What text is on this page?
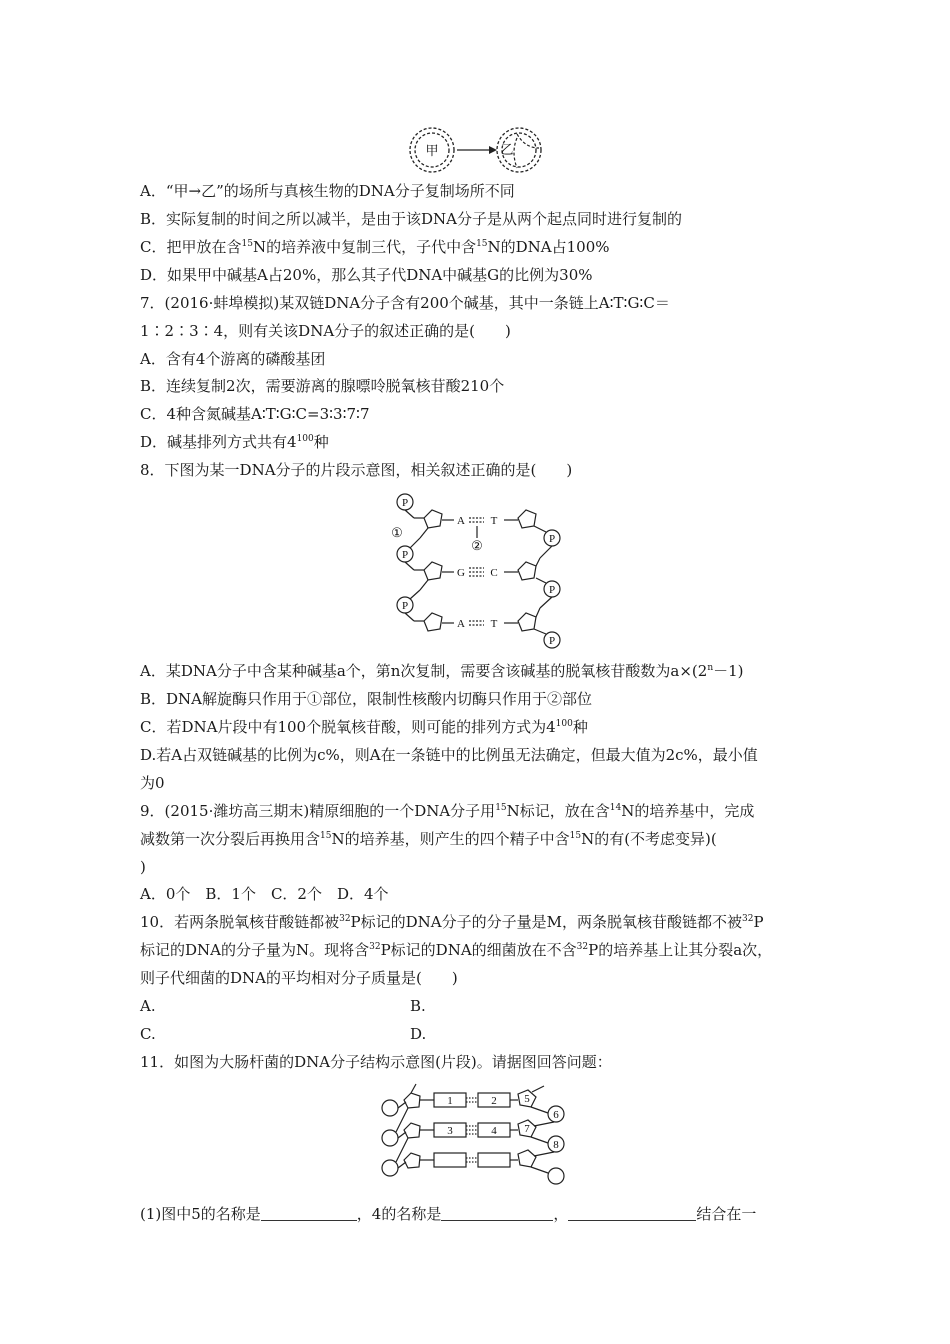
甲	乙
A．“甲→乙”的场所与真核生物的DNA分子复制场所不同
B．实际复制的时间之所以减半，是由于该DNA分子是从两个起点同时进行复制的
C．把甲放在含$^{15}$N的培养液中复制三代，子代中含$^{15}$N的DNA占100%
D．如果甲中碱基A占20%，那么其子代DNA中碱基G的比例为30%
7．(2016·蚌埠模拟)某双链DNA分子含有200个碱基，其中一条链上A∶T∶G∶C＝
1∶2∶3∶4，则有关该DNA分子的叙述正确的是(　　)
A．含有4个游离的磷酸基团
B．连续复制2次，需要游离的腺嘌呤脱氧核苷酸210个
C．4种含氮碱基A∶T∶G∶C=3∶3∶7∶7
D．碱基排列方式共有$4^{100}$种
8．下图为某一DNA分子的片段示意图，相关叙述正确的是(　　)
P
P
P
P
P
P
A T
G C
A T
①
②
A．某DNA分子中含某种碱基a个，第n次复制，需要含该碱基的脱氧核苷酸数为$a\times(2^n-1)$
B．DNA解旋酶只作用于①部位，限制性核酸内切酶只作用于②部位
C．若DNA片段中有100个脱氧核苷酸，则可能的排列方式为$4^{100}$种
D.若A占双链碱基的比例为c%，则A在一条链中的比例虽无法确定，但最大值为2c%，最小值
为0
9．(2015·潍坊高三期末)精原细胞的一个DNA分子用$^{15}$N标记，放在含$^{14}$N的培养基中，完成
减数第一次分裂后再换用含$^{15}$N的培养基，则产生的四个精子中含$^{15}$N的有(不考虑变异)(
)
A．0个　B．1个　C．2个　D．4个
10．若两条脱氧核苷酸链都被$^{32}$P标记的DNA分子的分子量是M，两条脱氧核苷酸链都不被$^{32}$P
标记的DNA的分子量为N。现将含$^{32}$P标记的DNA的细菌放在不含$^{32}$P的培养基上让其分裂a次，
则子代细菌的DNA的平均相对分子质量是(　　)
A.	B.
C.	D.
11．如图为大肠杆菌的DNA分子结构示意图(片段)。请据图回答问题：
1	2
3	4
5
7
6
8
(1)图中5的名称是	，4的名称是	，	结合在一
